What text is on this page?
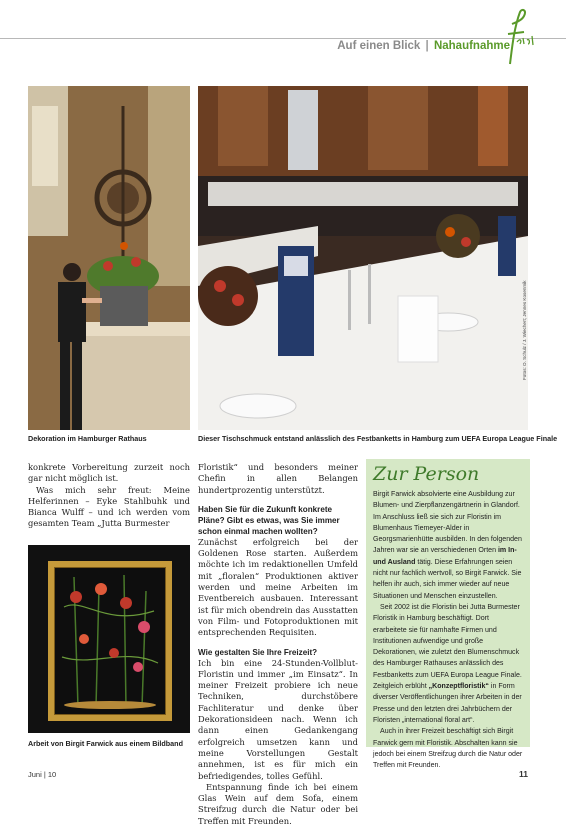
Auf einen Blick | Nahaufnahme
Fotos: O. Schulz / J. Wiechert; Jennes Kosenmik
Dekoration im Hamburger Rathaus	Dieser Tischschmuck entstand anlässlich des Festbanketts in Hamburg zum UEFA Europa League Finale

konkrete Vorbereitung zurzeit noch gar nicht möglich ist.

Was mich sehr freut: Meine Helferinnen – Eyke Stahlbuhk und Bianca Wulff – und ich werden vom gesamten Team „Jutta Burmester

Floristik“ und besonders meiner Chefin in allen Belangen hundertprozentig unterstützt.

Haben Sie für die Zukunft konkrete Pläne? Gibt es etwas, was Sie immer schon einmal machen wollten?

Zunächst erfolgreich bei der Goldenen Rose starten. Außerdem möchte ich im redaktionellen Umfeld mit „floralen“ Produktionen aktiver werden und meine Arbeiten im Eventbereich ausbauen. Interessant ist für mich obendrein das Ausstatten von Film- und Fotoproduktionen mit entsprechenden Requisiten.

Wie gestalten Sie Ihre Freizeit?

Ich bin eine 24-Stunden-Vollblut-Floristin und immer „im Einsatz“. In meiner Freizeit probiere ich neue Techniken, durchstöbere Fachliteratur und denke über Dekorationsideen nach. Wenn ich dann einen Gedankengang erfolgreich umsetzen kann und meine Vorstellungen Gestalt annehmen, ist es für mich ein befriedigendes, tolles Gefühl.

Entspannung finde ich bei einem Glas Wein auf dem Sofa, einem Streifzug durch die Natur oder bei Treffen mit Freunden.

Arbeit von Birgit Farwick aus einem Bildband
Zur Person

Birgit Farwick absolvierte eine Ausbildung zur Blumen- und Zierpflanzengärtnerin in Glandorf. Im Anschluss ließ sie sich zur Floristin im Blumenhaus Tiemeyer-Alder in Georgsmarienhütte ausbilden. In den folgenden Jahren war sie an verschiedenen Orten im In- und Ausland tätig. Diese Erfahrungen seien nicht nur fachlich wertvoll, so Birgit Farwick. Sie helfen ihr auch, sich immer wieder auf neue Situationen und Menschen einzustellen.

Seit 2002 ist die Floristin bei Jutta Burmester Floristik in Hamburg beschäftigt. Dort erarbeitete sie für namhafte Firmen und Institutionen aufwendige und große Dekorationen, wie zuletzt den Blumenschmuck des Hamburger Rathauses anlässlich des Festbanketts zum UEFA Europa League Finale. Zeitgleich erblüht „Konzeptfloristik“ in Form diverser Veröffentlichungen ihrer Arbeiten in der Presse und den letzten drei Jahrbüchern der Floristen „international floral art“.

Auch in ihrer Freizeit beschäftigt sich Birgit Farwick gern mit Floristik. Abschalten kann sie jedoch bei einem Streifzug durch die Natur oder Treffen mit Freunden.

Juni | 10	11
